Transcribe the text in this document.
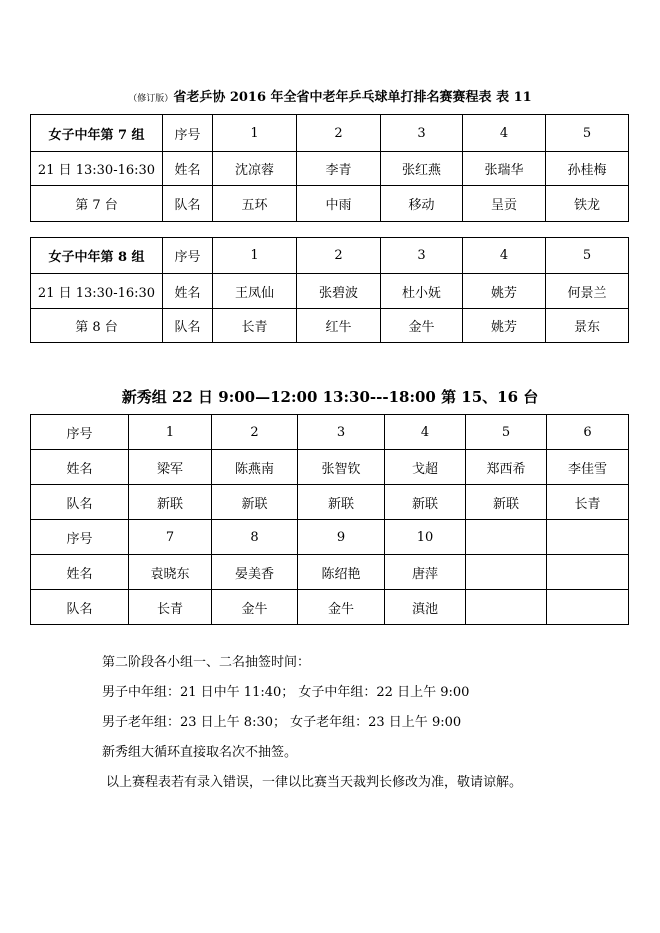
（修订版）省老乒协 2016 年全省中老年乒乓球单打排名赛赛程表 表 11
女子中年第 7 组	序号	1	2	3	4	5
21 日 13:30-16:30	姓名	沈凉蓉	李青	张红燕	张瑞华	孙桂梅
第 7 台	队名	五环	中雨	移动	呈贡	铁龙
女子中年第 8 组	序号	1	2	3	4	5
21 日 13:30-16:30	姓名	王凤仙	张碧波	杜小妩	姚芳	何景兰
第 8 台	队名	长青	红牛	金牛	姚芳	景东
新秀组 22 日 9:00—12:00 13:30---18:00 第 15、16 台
序号	1	2	3	4	5	6
姓名	梁军	陈燕南	张智钦	戈超	郑西希	李佳雪
队名	新联	新联	新联	新联	新联	长青
序号	7	8	9	10		
姓名	袁晓东	晏美香	陈绍艳	唐萍		
队名	长青	金牛	金牛	滇池		

第二阶段各小组一、二名抽签时间：

男子中年组：21 日中午 11:40； 女子中年组：22 日上午 9:00

男子老年组：23 日上午 8:30； 女子老年组：23 日上午 9:00

新秀组大循环直接取名次不抽签。

以上赛程表若有录入错误，一律以比赛当天裁判长修改为准，敬请谅解。
